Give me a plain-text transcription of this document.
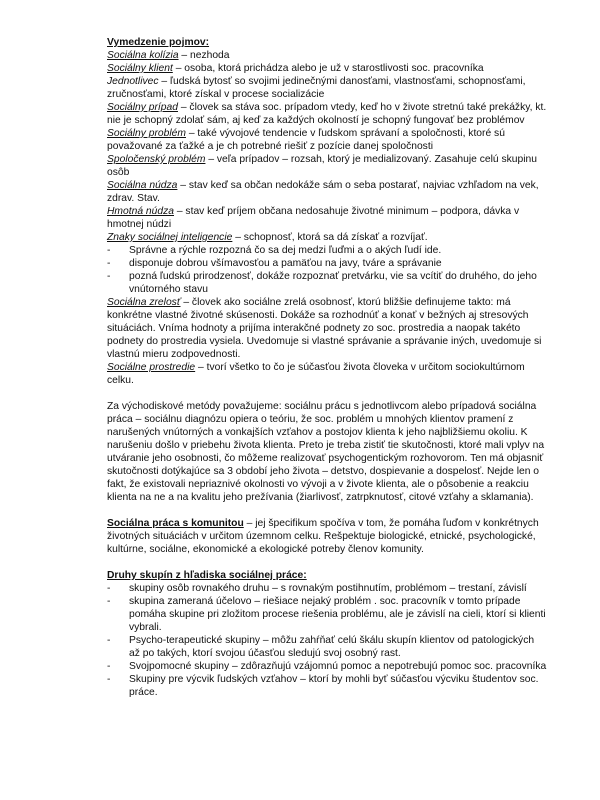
Vymedzenie pojmov:

Sociálna kolízia – nezhoda

Sociálny klient – osoba, ktorá prichádza alebo je už v starostlivosti soc. pracovníka

Jednotlivec – ľudská bytosť so svojimi jedinečnými danosťami, vlastnosťami, schopnosťami, zručnosťami, ktoré získal v procese socializácie

Sociálny prípad – človek sa stáva soc. prípadom vtedy, keď ho v živote stretnú také prekážky, kt. nie je schopný zdolať sám, aj keď za každých okolností je schopný fungovať bez problémov

Sociálny problém – také vývojové tendencie v ľudskom správaní a spoločnosti, ktoré sú považované za ťažké a je ch potrebné riešiť z pozície danej spoločnosti

Spoločenský problém – veľa prípadov – rozsah, ktorý je medializovaný. Zasahuje celú skupinu osôb

Sociálna núdza – stav keď sa občan nedokáže sám o seba postarať, najviac vzhľadom na vek, zdrav. Stav.

Hmotná núdza – stav keď príjem občana nedosahuje životné minimum – podpora, dávka v hmotnej núdzi

Znaky sociálnej inteligencie – schopnosť, ktorá sa dá získať a rozvíjať.

- Správne a rýchle rozpozná čo sa dej medzi ľuďmi a o akých ľudí ide.
- disponuje dobrou všímavosťou a pamäťou na javy, tváre a správanie
- pozná ľudskú prirodzenosť, dokáže rozpoznať pretvárku, vie sa vcítiť do druhého, do jeho vnútorného stavu

Sociálna zrelosť – človek ako sociálne zrelá osobnosť, ktorú bližšie definujeme takto: má konkrétne vlastné životné skúsenosti. Dokáže sa rozhodnúť a konať v bežných aj stresových situáciách. Vníma hodnoty a prijíma interakčné podnety zo soc. prostredia a naopak takéto podnety do prostredia vysiela. Uvedomuje si vlastné správanie a správanie iných, uvedomuje si vlastnú mieru zodpovednosti.

Sociálne prostredie – tvorí všetko to čo je súčasťou života človeka v určitom sociokultúrnom celku.

Za východiskové metódy považujeme: sociálnu prácu s jednotlivcom alebo prípadová sociálna práca – sociálnu diagnózu opiera o teóriu, že soc. problém u mnohých klientov pramení z narušených vnútorných a vonkajších vzťahov a postojov klienta k jeho najbližšiemu okoliu. K narušeniu došlo v priebehu života klienta. Preto je treba zistiť tie skutočnosti, ktoré mali vplyv na utváranie jeho osobnosti, čo môžeme realizovať psychogentickým rozhovorom. Ten má objasniť skutočnosti dotýkajúce sa 3 období jeho života – detstvo, dospievanie a dospelosť. Nejde len o fakt, že existovali nepriaznivé okolnosti vo vývoji a v živote klienta, ale o pôsobenie a reakciu klienta na ne a na kvalitu jeho prežívania (žiarlivosť, zatrpknutosť, citové vzťahy a sklamania).

Sociálna práca s komunitou – jej špecifikum spočíva v tom, že pomáha ľuďom v konkrétnych životných situáciách v určitom územnom celku. Rešpektuje biologické, etnické, psychologické, kultúrne, sociálne, ekonomické a ekologické potreby členov komunity.

Druhy skupín z hľadiska sociálnej práce:

- skupiny osôb rovnakého druhu – s rovnakým postihnutím, problémom – trestaní, závislí
- skupina zameraná účelovo – riešiace nejaký problém . soc. pracovník v tomto prípade pomáha skupine pri zložitom procese riešenia problému, ale je závislí na cieli, ktorí si klienti vybrali.
- Psycho-terapeutické skupiny – môžu zahŕňať celú škálu skupín klientov od patologických až po takých, ktorí svojou účasťou sledujú svoj osobný rast.
- Svojpomocné skupiny – zdôrazňujú vzájomnú pomoc a nepotrebujú pomoc soc. pracovníka
- Skupiny pre výcvik ľudských vzťahov – ktorí by mohli byť súčasťou výcviku študentov soc. práce.
